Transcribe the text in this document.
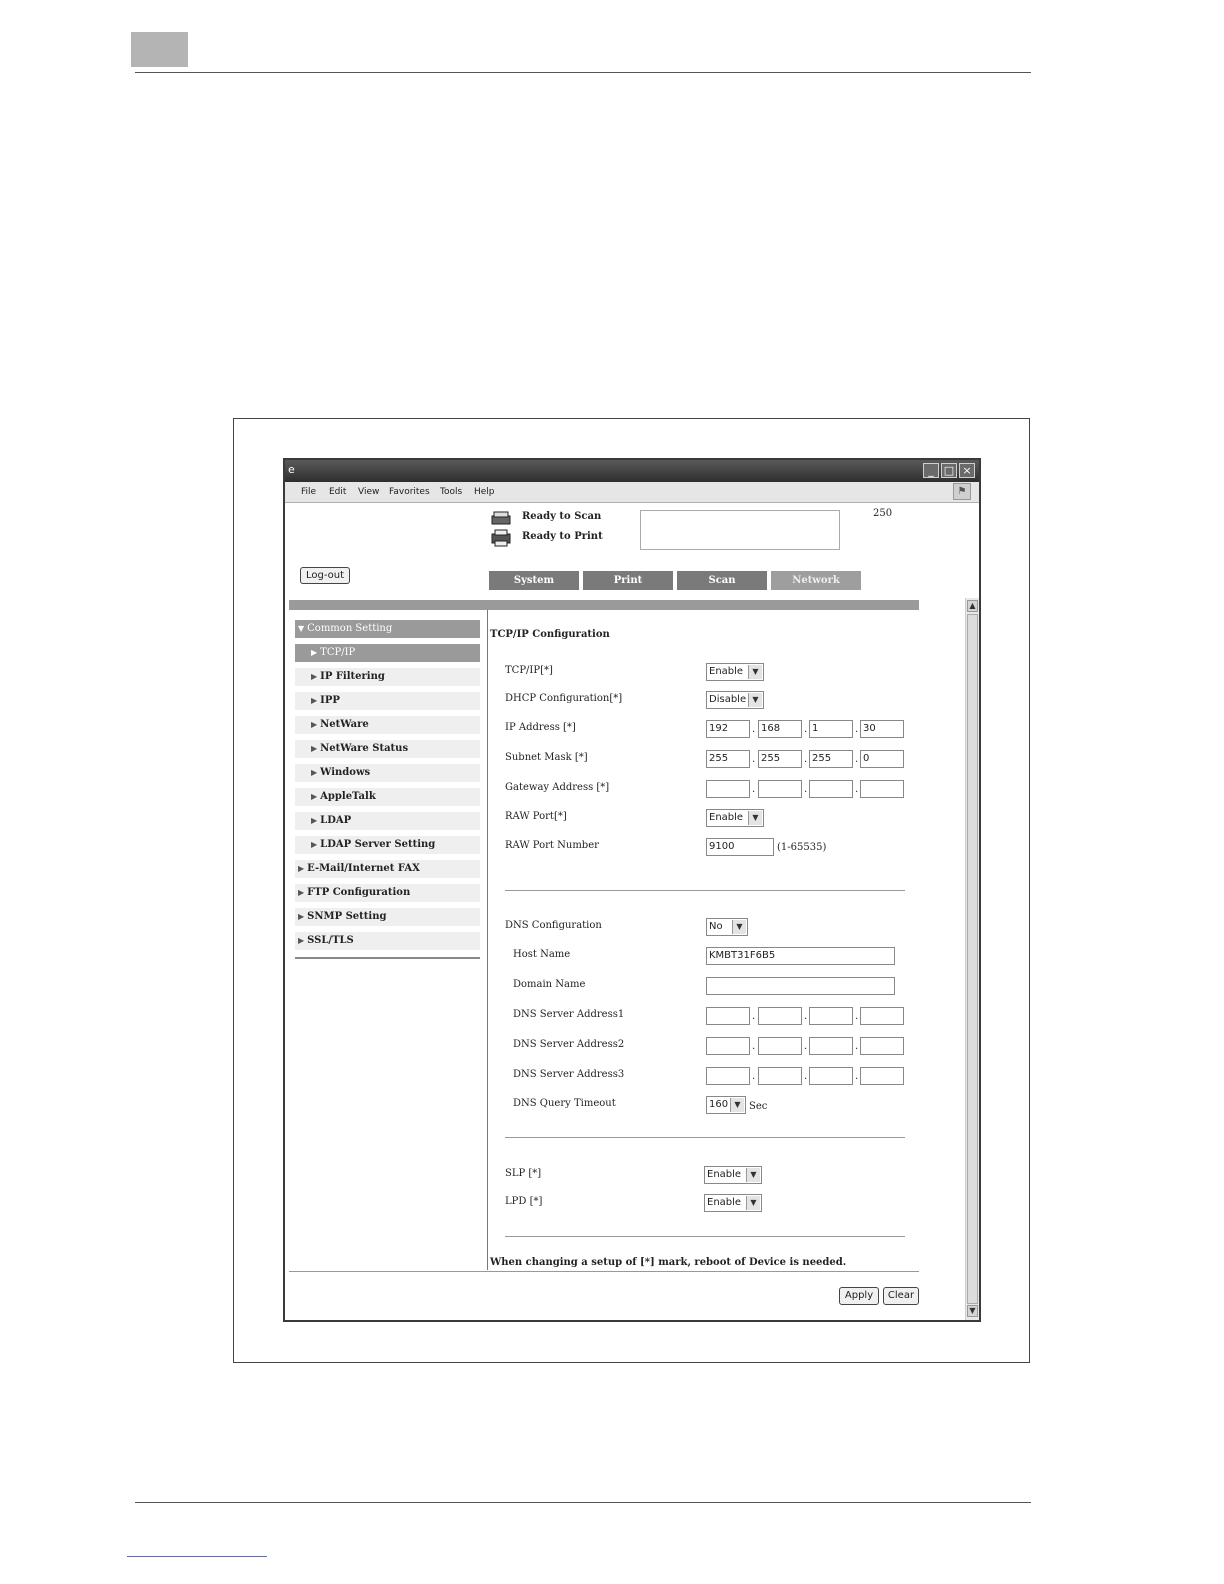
e	_ □ ×
File Edit View Favorites Tools Help	⚑
Ready to Scan
Ready to Print
250
Log-out	System	Print	Scan	Network
▲
▼
▼ Common Setting
▶ TCP/IP
▶ IP Filtering
▶ IPP
▶ NetWare
▶ NetWare Status
▶ Windows
▶ AppleTalk
▶ LDAP
▶ LDAP Server Setting
▶ E-Mail/Internet FAX
▶ FTP Configuration
▶ SNMP Setting
▶ SSL/TLS
TCP/IP Configuration
TCP/IP[*]	Enable	▼
DHCP Configuration[*]	Disable ▼
IP Address [*]	192	. 168	. 1	. 30
Subnet Mask [*]	255	. 255	. 255	. 0
Gateway Address [*]	.	.	.
RAW Port[*]	Enable	▼
RAW Port Number	9100	(1-65535)
DNS Configuration	No	▼
Host Name	KMBT31F6B5
Domain Name
DNS Server Address1	.	.	.
DNS Server Address2	.	.	.
DNS Server Address3	.	.	.
DNS Query Timeout	160 ▼ Sec
SLP [*]	Enable	▼
LPD [*]	Enable	▼
When changing a setup of [*] mark, reboot of Device is needed.
Apply	Clear
